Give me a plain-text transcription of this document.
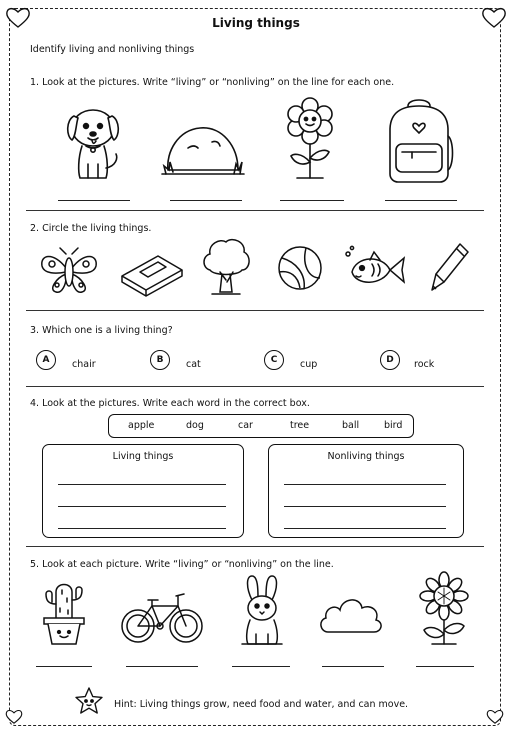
Living things
Identify living and nonliving things
1. Look at the pictures. Write “living” or “nonliving” on the line for each one.
2. Circle the living things.
3. Which one is a living thing?
A	chair	B	cat	C	cup	D	rock
4. Look at the pictures. Write each word in the correct box.
apple	dog	car	tree	ball	bird
Living things	Nonliving things
5. Look at each picture. Write “living” or “nonliving” on the line.
Hint: Living things grow, need food and water, and can move.
